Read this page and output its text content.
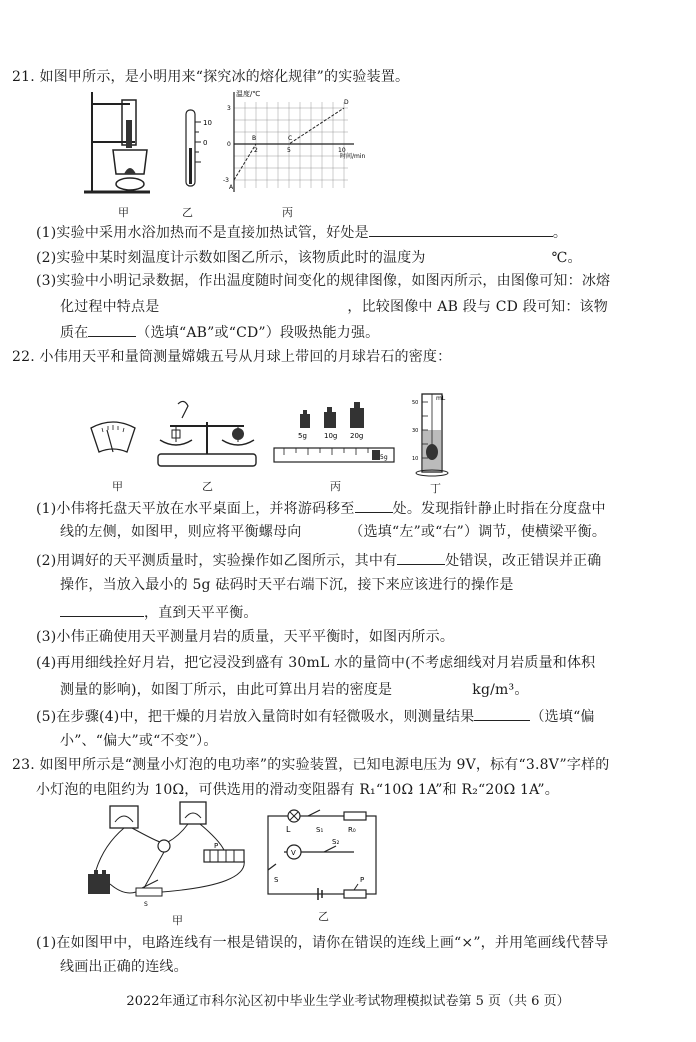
21. 如图甲所示，是小明用来“探究冰的熔化规律”的实验装置。
甲
10
0
乙
温度/℃
时间/min
3
0
-3
2	5	10
A
B	C
D
丙
(1)实验中采用水浴加热而不是直接加热试管，好处是	。
(2)实验中某时刻温度计示数如图乙所示，该物质此时的温度为	℃。
(3)实验中小明记录数据，作出温度随时间变化的规律图像，如图丙所示，由图像可知：冰熔
化过程中特点是	，比较图像中 AB 段与 CD 段可知：该物
质在	（选填“AB”或“CD”）段吸热能力强。
22. 小伟用天平和量筒测量嫦娥五号从月球上带回的月球岩石的密度：
甲	乙
5g 10g 20g
5g
丙
mL
50
30
10
丁
(1)小伟将托盘天平放在水平桌面上，并将游码移至	处。发现指针静止时指在分度盘中
线的左侧，如图甲，则应将平衡螺母向	（选填“左”或“右”）调节，使横梁平衡。
(2)用调好的天平测质量时，实验操作如乙图所示，其中有	处错误，改正错误并正确
操作，当放入最小的 5g 砝码时天平右端下沉，接下来应该进行的操作是
，直到天平平衡。
(3)小伟正确使用天平测量月岩的质量，天平平衡时，如图丙所示。
(4)再用细线拴好月岩，把它浸没到盛有 30mL 水的量筒中(不考虑细线对月岩质量和体积
测量的影响)，如图丁所示，由此可算出月岩的密度是	kg/m³。
(5)在步骤(4)中，把干燥的月岩放入量筒时如有轻微吸水，则测量结果	（选填“偏
小”、“偏大”或“不变”）。
23. 如图甲所示是“测量小灯泡的电功率”的实验装置，已知电源电压为 9V，标有“3.8V”字样的
小灯泡的电阻约为 10Ω，可供选用的滑动变阻器有 R₁“10Ω 1A”和 R₂“20Ω 1A”。
P
S
甲
L	R₀
S₁
V
S₂
S	P
乙
(1)在如图甲中，电路连线有一根是错误的，请你在错误的连线上画“×”，并用笔画线代替导
线画出正确的连线。
2022年通辽市科尔沁区初中毕业生学业考试物理模拟试卷第 5 页（共 6 页）
